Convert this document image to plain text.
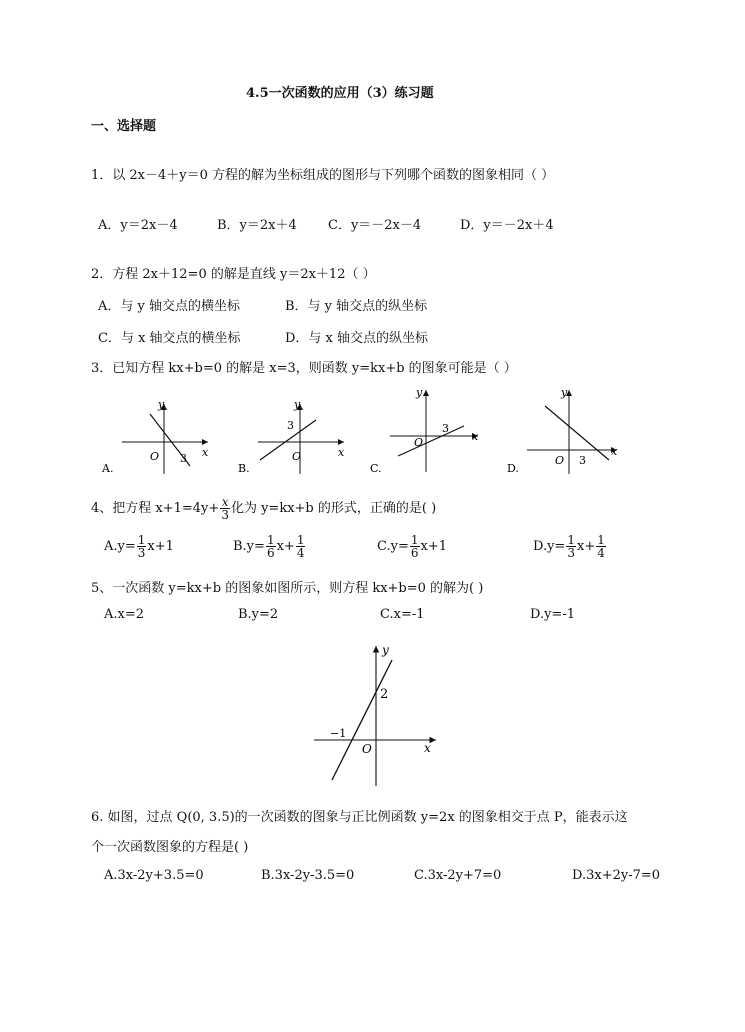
4.5一次函数的应用（3）练习题
一、选择题
1．以 2x－4＋y＝0 方程的解为坐标组成的图形与下列哪个函数的图象相同（ ）
A．y＝2x－4	B．y＝2x＋4 C．y＝－2x－4	D．y＝－2x＋4
2．方程 2x＋12=0 的解是直线 y＝2x＋12（ ）
A．与 y 轴交点的横坐标	B．与 y 轴交点的纵坐标
C．与 x 轴交点的横坐标	D．与 x 轴交点的纵坐标
3．已知方程 kx+b=0 的解是 x=3，则函数 y=kx+b 的图象可能是（ ）
y
x
O 3
A.
y
x
O
3
B.
y
x
O
3
C.
y
x
O 3
D.
4、把方程 $x+1=4y+ \frac{x}{3}$ 化为 y=kx+b 的形式，正确的是( )
$A.y= \frac{1}{3} x+1$	$B.y= \frac{1}{6} x+ \frac{1}{4}$	$C.y= \frac{1}{6} x+1$	$D.y= \frac{1}{3} x+ \frac{1}{4}$
5、一次函数 y=kx+b 的图象如图所示，则方程 kx+b=0 的解为( )
A.x=2	B.y=2	C.x=-1	D.y=-1
y
x
O
2
−1
6. 如图，过点 Q(0, 3.5)的一次函数的图象与正比例函数 y=2x 的图象相交于点 P，能表示这
个一次函数图象的方程是( )
A.3x-2y+3.5=0	B.3x-2y-3.5=0	C.3x-2y+7=0	D.3x+2y-7=0
